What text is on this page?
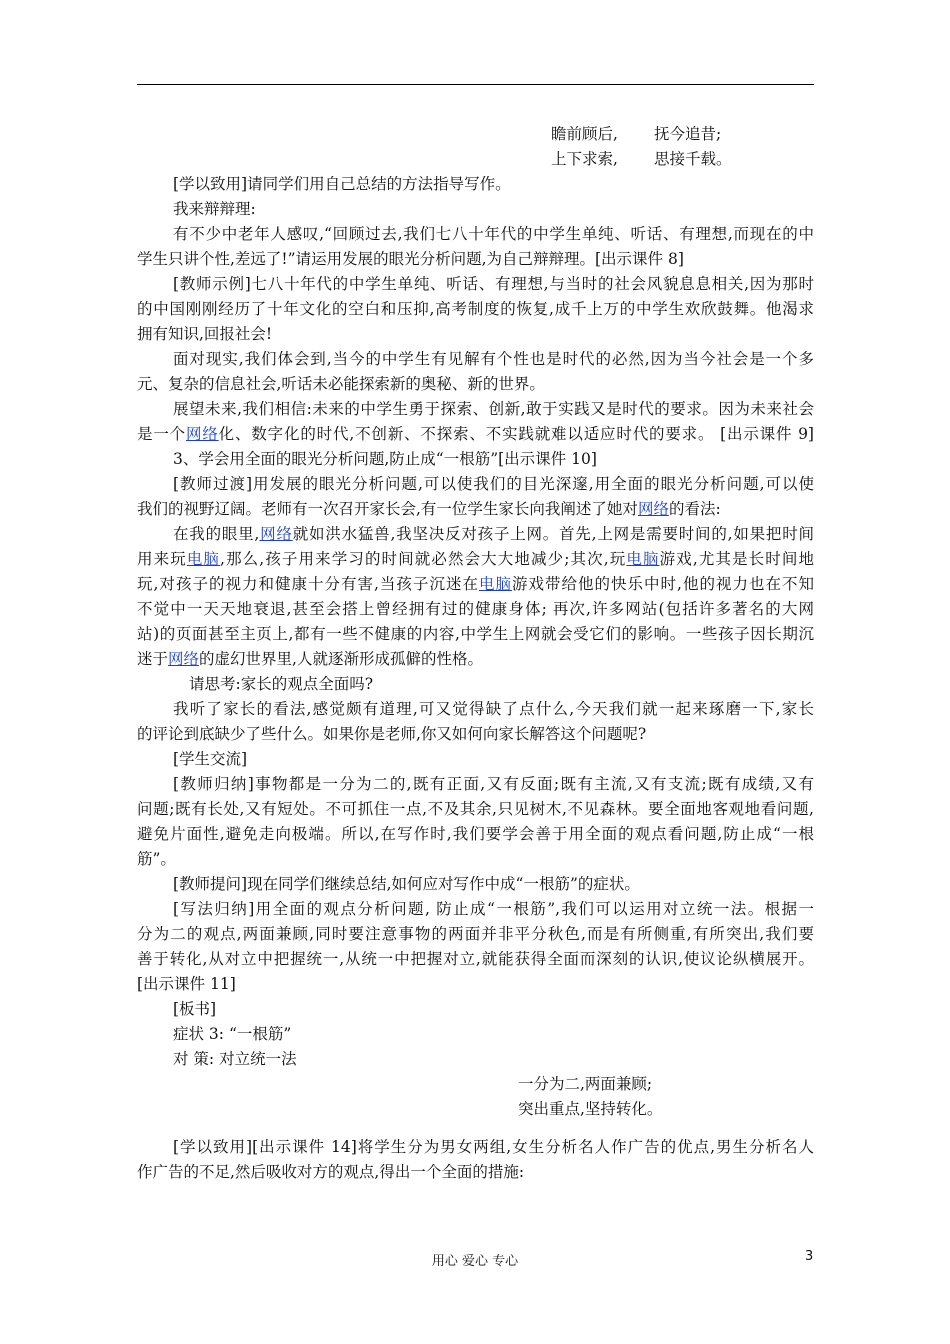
瞻前顾后, 抚今追昔;
上下求索, 思接千载。
[学以致用]请同学们用自己总结的方法指导写作。
我来辩辩理:
有不少中老年人感叹,“回顾过去,我们七八十年代的中学生单纯、听话、有理想,而现在的中
学生只讲个性,差远了!”请运用发展的眼光分析问题,为自己辩辩理。[出示课件 8]
[教师示例]七八十年代的中学生单纯、听话、有理想,与当时的社会风貌息息相关,因为那时
的中国刚刚经历了十年文化的空白和压抑,高考制度的恢复,成千上万的中学生欢欣鼓舞。他渴求
拥有知识,回报社会!
面对现实,我们体会到,当今的中学生有见解有个性也是时代的必然,因为当今社会是一个多
元、复杂的信息社会,听话未必能探索新的奥秘、新的世界。
展望未来,我们相信:未来的中学生勇于探索、创新,敢于实践又是时代的要求。因为未来社会
是一个网络化、数字化的时代,不创新、不探索、不实践就难以适应时代的要求。 [出示课件 9]
3、学会用全面的眼光分析问题,防止成“一根筋”[出示课件 10]
[教师过渡]用发展的眼光分析问题,可以使我们的目光深邃,用全面的眼光分析问题,可以使
我们的视野辽阔。老师有一次召开家长会,有一位学生家长向我阐述了她对网络的看法:
在我的眼里,网络就如洪水猛兽,我坚决反对孩子上网。首先,上网是需要时间的,如果把时间
用来玩电脑,那么,孩子用来学习的时间就必然会大大地减少;其次,玩电脑游戏,尤其是长时间地
玩,对孩子的视力和健康十分有害,当孩子沉迷在电脑游戏带给他的快乐中时,他的视力也在不知
不觉中一天天地衰退,甚至会搭上曾经拥有过的健康身体; 再次,许多网站(包括许多著名的大网
站)的页面甚至主页上,都有一些不健康的内容,中学生上网就会受它们的影响。一些孩子因长期沉
迷于网络的虚幻世界里,人就逐渐形成孤僻的性格。
请思考:家长的观点全面吗?
我听了家长的看法,感觉颇有道理,可又觉得缺了点什么,今天我们就一起来琢磨一下,家长
的评论到底缺少了些什么。如果你是老师,你又如何向家长解答这个问题呢?
[学生交流]
[教师归纳]事物都是一分为二的,既有正面,又有反面;既有主流,又有支流;既有成绩,又有
问题;既有长处,又有短处。不可抓住一点,不及其余,只见树木,不见森林。要全面地客观地看问题,
避免片面性,避免走向极端。所以,在写作时,我们要学会善于用全面的观点看问题,防止成“一根
筋”。
[教师提问]现在同学们继续总结,如何应对写作中成“一根筋”的症状。
[写法归纳]用全面的观点分析问题, 防止成“一根筋”,我们可以运用对立统一法。根据一
分为二的观点,两面兼顾,同时要注意事物的两面并非平分秋色,而是有所侧重,有所突出,我们要
善于转化,从对立中把握统一,从统一中把握对立,就能获得全面而深刻的认识,使议论纵横展开。
[出示课件 11]
[板书]
症状 3: “一根筋”
对 策: 对立统一法
一分为二,两面兼顾;
突出重点,坚持转化。
[学以致用][出示课件 14]将学生分为男女两组,女生分析名人作广告的优点,男生分析名人
作广告的不足,然后吸收对方的观点,得出一个全面的措施:
用心 爱心 专心	3
